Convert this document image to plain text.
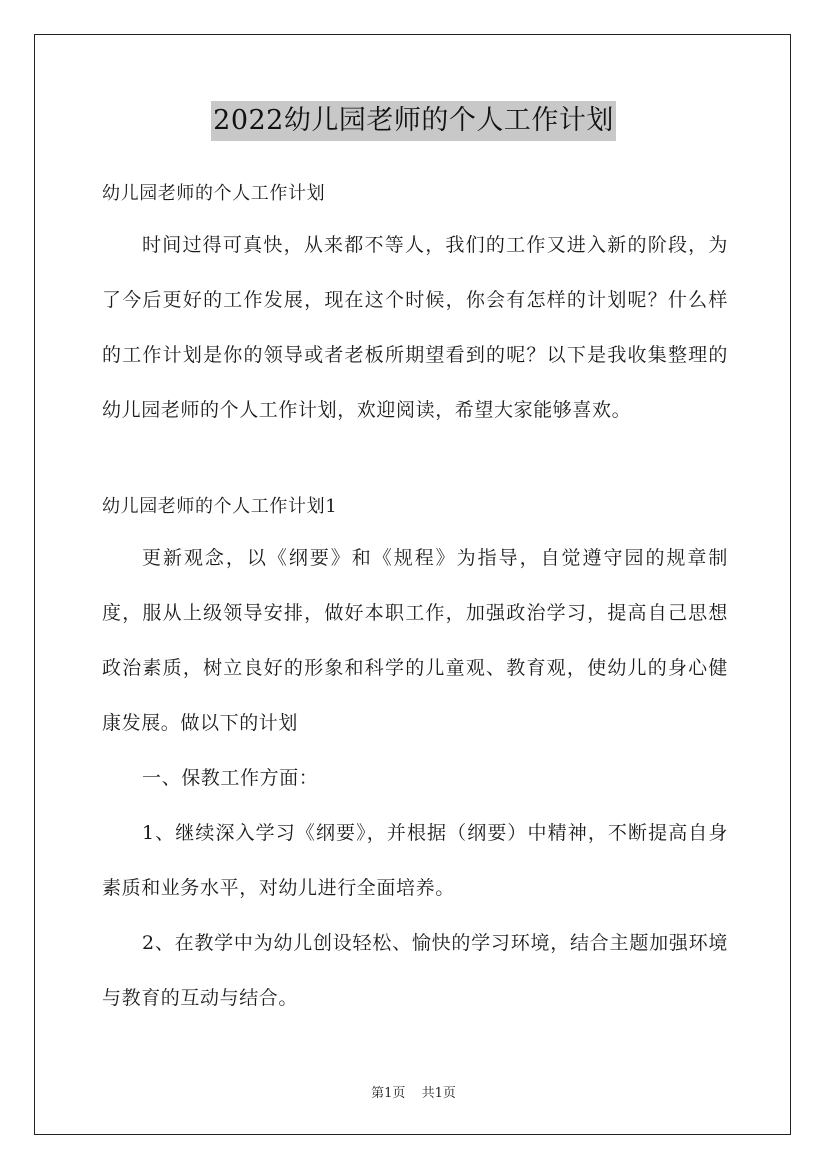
2022幼儿园老师的个人工作计划

幼儿园老师的个人工作计划

时间过得可真快，从来都不等人，我们的工作又进入新的阶段，为了今后更好的工作发展，现在这个时候，你会有怎样的计划呢？什么样的工作计划是你的领导或者老板所期望看到的呢？以下是我收集整理的幼儿园老师的个人工作计划，欢迎阅读，希望大家能够喜欢。

幼儿园老师的个人工作计划1

更新观念，以《纲要》和《规程》为指导，自觉遵守园的规章制度，服从上级领导安排，做好本职工作，加强政治学习，提高自己思想政治素质，树立良好的形象和科学的儿童观、教育观，使幼儿的身心健康发展。做以下的计划

一、保教工作方面：

1、继续深入学习《纲要》，并根据（纲要）中精神，不断提高自身素质和业务水平，对幼儿进行全面培养。

2、在教学中为幼儿创设轻松、愉快的学习环境，结合主题加强环境与教育的互动与结合。

第1页 共1页
